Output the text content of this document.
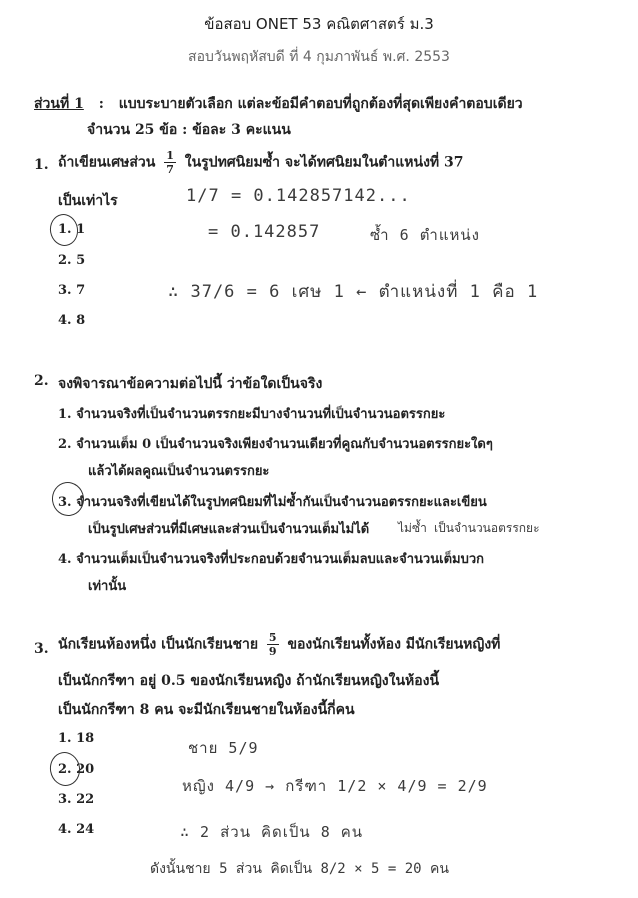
ข้อสอบ ONET 53 คณิตศาสตร์ ม.3
สอบวันพฤหัสบดี ที่ 4 กุมภาพันธ์ พ.ศ. 2553
ส่วนที่ 1 : แบบระบายตัวเลือก แต่ละข้อมีคำตอบที่ถูกต้องที่สุดเพียงคำตอบเดียว
จำนวน 25 ข้อ : ข้อละ 3 คะแนน
1. ถ้าเขียนเศษส่วน $\frac{1}{7}$ ในรูปทศนิยมซ้ำ จะได้ทศนิยมในตำแหน่งที่ 37
เป็นเท่าไร
1. 1
2. 5
3. 7
4. 8
1/7 = 0.142857142...
= 0.142857	ซ้ำ 6 ตำแหน่ง
∴ 37/6 = 6 เศษ 1 ← ตำแหน่งที่ 1 คือ 1
2. จงพิจารณาข้อความต่อไปนี้ ว่าข้อใดเป็นจริง
1. จำนวนจริงที่เป็นจำนวนตรรกยะมีบางจำนวนที่เป็นจำนวนอตรรกยะ
2. จำนวนเต็ม 0 เป็นจำนวนจริงเพียงจำนวนเดียวที่คูณกับจำนวนอตรรกยะใดๆ
แล้วได้ผลคูณเป็นจำนวนตรรกยะ
3. จำนวนจริงที่เขียนได้ในรูปทศนิยมที่ไม่ซ้ำกันเป็นจำนวนอตรรกยะและเขียน
เป็นรูปเศษส่วนที่มีเศษและส่วนเป็นจำนวนเต็มไม่ได้
4. จำนวนเต็มเป็นจำนวนจริงที่ประกอบด้วยจำนวนเต็มลบและจำนวนเต็มบวก
เท่านั้น
ไม่ซ้ำ เป็นจำนวนอตรรกยะ
3. นักเรียนห้องหนึ่ง เป็นนักเรียนชาย $\frac{5}{9}$ ของนักเรียนทั้งห้อง มีนักเรียนหญิงที่
เป็นนักกรีฑา อยู่ 0.5 ของนักเรียนหญิง ถ้านักเรียนหญิงในห้องนี้
เป็นนักกรีฑา 8 คน จะมีนักเรียนชายในห้องนี้กี่คน
1. 18
2. 20
3. 22
4. 24
ชาย 5/9
หญิง 4/9 → กรีฑา 1/2 × 4/9 = 2/9
∴ 2 ส่วน คิดเป็น 8 คน
ดังนั้นชาย 5 ส่วน คิดเป็น 8/2 × 5 = 20 คน
